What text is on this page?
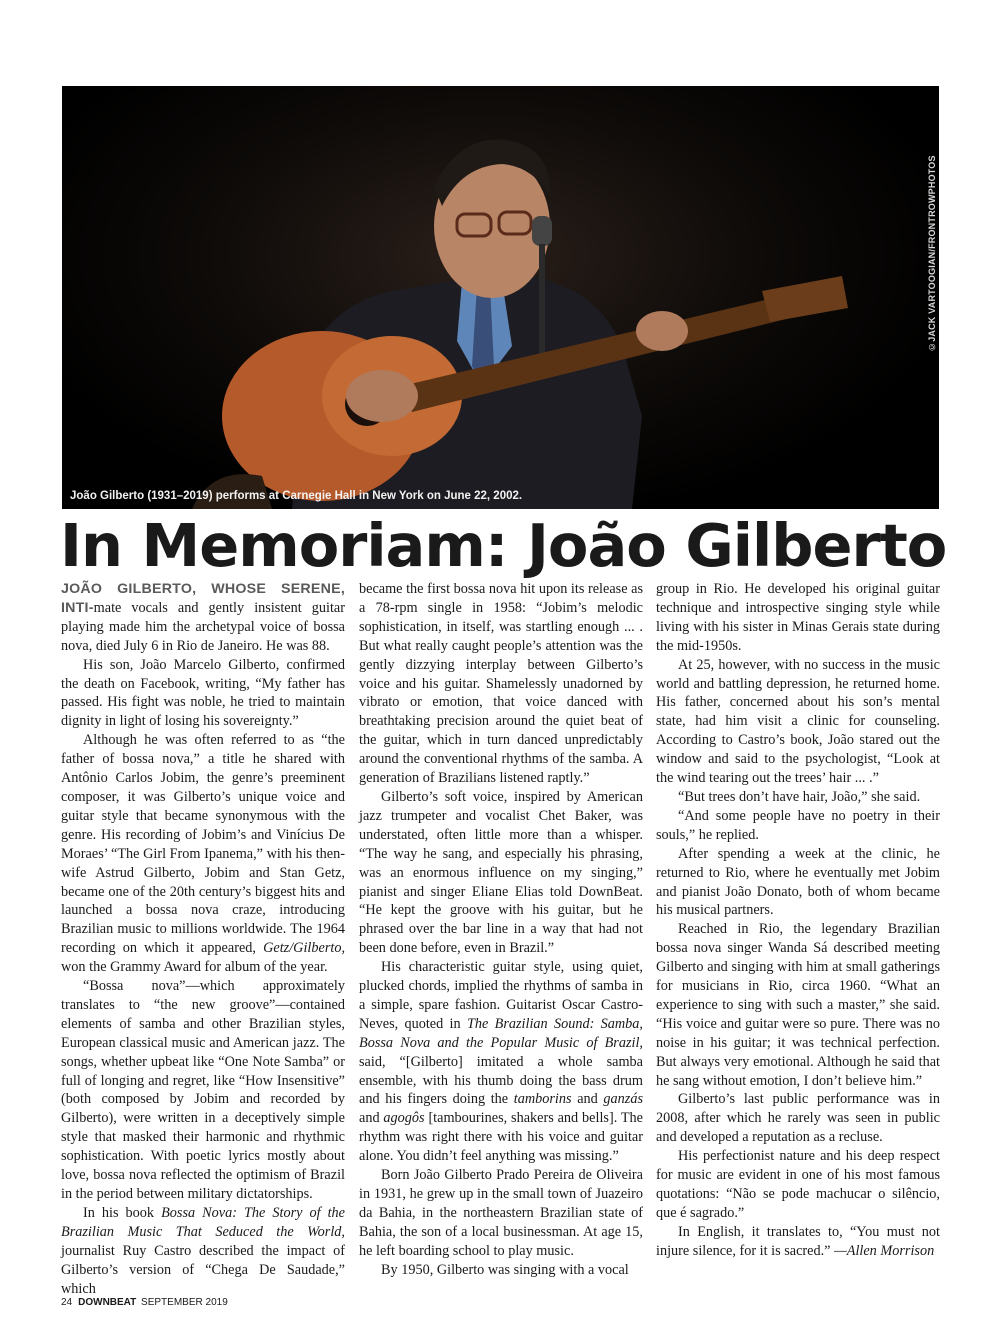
©JACK VARTOOGIAN/FRONTROWPHOTOS
João Gilberto (1931–2019) performs at Carnegie Hall in New York on June 22, 2002.
In Memoriam: João Gilberto

JOÃO GILBERTO, WHOSE SERENE, INTI-mate vocals and gently insistent guitar playing made him the archetypal voice of bossa nova, died July 6 in Rio de Janeiro. He was 88.

His son, João Marcelo Gilberto, confirmed the death on Facebook, writing, “My father has passed. His fight was noble, he tried to maintain dignity in light of losing his sovereignty.”

Although he was often referred to as “the father of bossa nova,” a title he shared with Antônio Carlos Jobim, the genre’s preeminent composer, it was Gilberto’s unique voice and guitar style that became synonymous with the genre. His recording of Jobim’s and Vinícius De Moraes’ “The Girl From Ipanema,” with his then-wife Astrud Gilberto, Jobim and Stan Getz, became one of the 20th century’s biggest hits and launched a bossa nova craze, introducing Brazilian music to millions worldwide. The 1964 recording on which it appeared, Getz/Gilberto, won the Grammy Award for album of the year.

“Bossa nova”—which approximately translates to “the new groove”—contained elements of samba and other Brazilian styles, European classical music and American jazz. The songs, whether upbeat like “One Note Samba” or full of longing and regret, like “How Insensitive” (both composed by Jobim and recorded by Gilberto), were written in a deceptively simple style that masked their harmonic and rhythmic sophistication. With poetic lyrics mostly about love, bossa nova reflected the optimism of Brazil in the period between military dictatorships.

In his book Bossa Nova: The Story of the Brazilian Music That Seduced the World, journalist Ruy Castro described the impact of Gilberto’s version of “Chega De Saudade,” which

became the first bossa nova hit upon its release as a 78-rpm single in 1958: “Jobim’s melodic sophistication, in itself, was startling enough ... . But what really caught people’s attention was the gently dizzying interplay between Gilberto’s voice and his guitar. Shamelessly unadorned by vibrato or emotion, that voice danced with breathtaking precision around the quiet beat of the guitar, which in turn danced unpredictably around the conventional rhythms of the samba. A generation of Brazilians listened raptly.”

Gilberto’s soft voice, inspired by American jazz trumpeter and vocalist Chet Baker, was understated, often little more than a whisper. “The way he sang, and especially his phrasing, was an enormous influence on my singing,” pianist and singer Eliane Elias told DownBeat. “He kept the groove with his guitar, but he phrased over the bar line in a way that had not been done before, even in Brazil.”

His characteristic guitar style, using quiet, plucked chords, implied the rhythms of samba in a simple, spare fashion. Guitarist Oscar Castro-Neves, quoted in The Brazilian Sound: Samba, Bossa Nova and the Popular Music of Brazil, said, “[Gilberto] imitated a whole samba ensemble, with his thumb doing the bass drum and his fingers doing the tamborins and ganzás and agogôs [tambourines, shakers and bells]. The rhythm was right there with his voice and guitar alone. You didn’t feel anything was missing.”

Born João Gilberto Prado Pereira de Oliveira in 1931, he grew up in the small town of Juazeiro da Bahia, in the northeastern Brazilian state of Bahia, the son of a local businessman. At age 15, he left boarding school to play music.

By 1950, Gilberto was singing with a vocal

group in Rio. He developed his original guitar technique and introspective singing style while living with his sister in Minas Gerais state during the mid-1950s.

At 25, however, with no success in the music world and battling depression, he returned home. His father, concerned about his son’s mental state, had him visit a clinic for counseling. According to Castro’s book, João stared out the window and said to the psychologist, “Look at the wind tearing out the trees’ hair ... .”

“But trees don’t have hair, João,” she said.

“And some people have no poetry in their souls,” he replied.

After spending a week at the clinic, he returned to Rio, where he eventually met Jobim and pianist João Donato, both of whom became his musical partners.

Reached in Rio, the legendary Brazilian bossa nova singer Wanda Sá described meeting Gilberto and singing with him at small gatherings for musicians in Rio, circa 1960. “What an experience to sing with such a master,” she said. “His voice and guitar were so pure. There was no noise in his guitar; it was technical perfection. But always very emotional. Although he said that he sang without emotion, I don’t believe him.”

Gilberto’s last public performance was in 2008, after which he rarely was seen in public and developed a reputation as a recluse.

His perfectionist nature and his deep respect for music are evident in one of his most famous quotations: “Não se pode machucar o silêncio, que é sagrado.”

In English, it translates to, “You must not injure silence, for it is sacred.” —Allen Morrison

24 DOWNBEAT SEPTEMBER 2019
